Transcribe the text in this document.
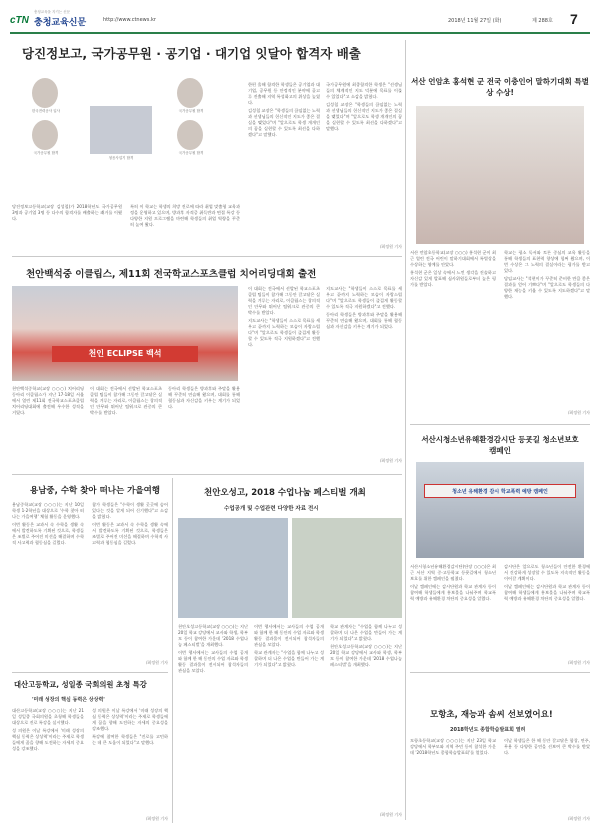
cTN
충청교육을 지키는 신문
충청교육신문	http://www.ctnews.kr	2018년 11월 27일 (화)	제 288호 7
당진정보고, 국가공무원 · 공기업 · 대기업 잇달아 합격자 배출
한국전력공사 입사
국가공무원 합격
청음사업기 합격
국가공무원 합격
국가공무원 합격

당진정보고등학교(교장 김성철)가 2018학년도 국가공무원 3명과 공기업 3명 등 다수의 합격자를 배출하는 쾌거를 이뤘다.

특히 이 학교는 학생의 희망 진로에 따라 취업 맞춤형 교육과정을 운영하고 있으며, 방과후 자격증 취득반과 면접 특강 등 다양한 지원 프로그램을 마련해 학생들의 취업 역량을 꾸준히 높여 왔다.

한편 올해 합격한 학생들은 공기업과 대기업, 공무원 등 안정적인 분야에 골고루 진출해 지역 특성화고의 위상을 높였다.

김성철 교장은 "학생들의 끊임없는 노력과 선생님들의 헌신적인 지도가 좋은 결실을 맺었다"며 "앞으로도 학생 개개인의 꿈을 실현할 수 있도록 최선을 다하겠다"고 말했다.

국가공무원에 최종합격한 학생은 "선생님들의 체계적인 지도 덕분에 목표를 이룰 수 있었다"고 소감을 밝혔다.

김성철 교장은 "학생들의 끊임없는 노력과 선생님들의 헌신적인 지도가 좋은 결실을 맺었다"며 "앞으로도 학생 개개인의 꿈을 실현할 수 있도록 최선을 다하겠다"고 말했다.

/최정원 기자
천안백석중 이클립스, 제11회 전국학교스포츠클럽 치어리딩대회 출전
천인 ECLIPSE 백석

천안백석중학교(교장 ○○○) 치어리딩 동아리 이클립스가 지난 17·18일 서울에서 열린 제11회 전국학교스포츠클럽 치어리딩대회에 출전해 우수한 성적을 거뒀다.

이 대회는 전국에서 선발된 학교스포츠클럽 팀들이 참가해 그동안 갈고닦은 실력을 겨루는 자리로, 이클립스는 창의적인 안무와 뛰어난 팀워크로 관중의 큰 박수를 받았다.

동아리 학생들은 방과후와 주말을 활용해 꾸준히 연습해 왔으며, 대회를 통해 협동심과 자신감을 키우는 계기가 되었다.

이 대회는 전국에서 선발된 학교스포츠클럽 팀들이 참가해 그동안 갈고닦은 실력을 겨루는 자리로, 이클립스는 창의적인 안무와 뛰어난 팀워크로 관중의 큰 박수를 받았다.

지도교사는 "학생들이 스스로 목표를 세우고 끝까지 노력하는 모습이 자랑스럽다"며 "앞으로도 학생들이 즐겁게 활동할 수 있도록 적극 지원하겠다"고 전했다.

지도교사는 "학생들이 스스로 목표를 세우고 끝까지 노력하는 모습이 자랑스럽다"며 "앞으로도 학생들이 즐겁게 활동할 수 있도록 적극 지원하겠다"고 전했다.

동아리 학생들은 방과후와 주말을 활용해 꾸준히 연습해 왔으며, 대회를 통해 협동심과 자신감을 키우는 계기가 되었다.

/최정원 기자
용남중, 수학 찾아 떠나는 가을여행

용남중학교(교장 ○○○)는 지난 10일 학생 1·2학년을 대상으로 '수학 찾아 떠나는 가을여행' 체험 활동을 운영했다.

이번 활동은 교과서 속 수학을 생활 속에서 발견하도록 기획된 것으로, 학생들은 조별로 주어진 미션을 해결하며 수학적 사고력과 협동심을 길렀다.

참가 학생들은 "수학이 생활 곳곳에 숨어 있다는 것을 알게 되어 신기했다"고 소감을 밝혔다.

이번 활동은 교과서 속 수학을 생활 속에서 발견하도록 기획된 것으로, 학생들은 조별로 주어진 미션을 해결하며 수학적 사고력과 협동심을 길렀다.

/최정원 기자
대산고등학교, 성일종 국회의원 초청 특강
'미래 성장의 핵심 동력은 상상력'

대산고등학교(교장 ○○○)는 지난 21일 성일종 국회의원을 초청해 학생들을 대상으로 진로 특강을 실시했다.

성 의원은 이날 특강에서 '미래 성장의 핵심 동력은 상상력'이라는 주제로 학생들에게 꿈을 향해 도전하는 자세의 중요성을 강조했다.

성 의원은 이날 특강에서 '미래 성장의 핵심 동력은 상상력'이라는 주제로 학생들에게 꿈을 향해 도전하는 자세의 중요성을 강조했다.

특강에 참여한 학생들은 "진로를 고민하는 데 큰 도움이 되었다"고 말했다.

/최정원 기자
천안오성고, 2018 수업나눔 페스티벌 개최
수업공개 및 수업관련 다양한 자료 전시

천안오성고등학교(교장 ○○○)는 지난 20일 학교 강당에서 교사와 학생, 학부모 등이 참여한 가운데 '2018 수업나눔 페스티벌'을 개최했다.

이번 행사에서는 교사들의 수업 공개와 함께 한 해 동안의 수업 자료와 학생 활동 결과물이 전시되어 참석자들의 관심을 모았다.

이번 행사에서는 교사들의 수업 공개와 함께 한 해 동안의 수업 자료와 학생 활동 결과물이 전시되어 참석자들의 관심을 모았다.

학교 관계자는 "수업을 함께 나누고 성찰하며 더 나은 수업을 만들어 가는 계기가 되었다"고 밝혔다.

학교 관계자는 "수업을 함께 나누고 성찰하며 더 나은 수업을 만들어 가는 계기가 되었다"고 밝혔다.

천안오성고등학교(교장 ○○○)는 지난 20일 학교 강당에서 교사와 학생, 학부모 등이 참여한 가운데 '2018 수업나눔 페스티벌'을 개최했다.

/최정원 기자
서산 언암초 홍석현 군 전국 이충인어 말하기대회 특별상 수상!

서산 언암초등학교(교장 ○○○) 홍석현 군이 최근 열린 전국 어린이 말하기대회에서 특별상을 수상하는 영예를 안았다.

홍석현 군은 일상 속에서 느낀 생각을 진솔하고 자신감 있게 발표해 심사위원들로부터 높은 평가를 받았다.

학교는 평소 독서와 토론 중심의 교육 활동을 통해 학생들의 표현력 향상에 힘써 왔으며, 이번 수상은 그 노력의 결실이라는 평가를 받고 있다.

담임교사는 "석현이가 꾸준히 준비한 만큼 좋은 결과를 얻어 기쁘다"며 "앞으로도 학생들의 다양한 재능을 키울 수 있도록 지도하겠다"고 말했다.

/최정원 기자
서산시청소년유해환경감시단 등굣길 청소년보호 캠페인
청소년 유해환경 감시 학교폭력 예방 캠페인

서산시청소년유해환경감시단(단장 ○○○)은 최근 서산 지역 중·고등학교 등굣길에서 청소년 보호를 위한 캠페인을 펼쳤다.

이날 캠페인에는 감시단원과 학교 관계자 등이 참여해 학생들에게 홍보물을 나눠주며 학교폭력 예방과 유해환경 차단의 중요성을 알렸다.

감시단은 앞으로도 청소년들이 안전한 환경에서 건강하게 성장할 수 있도록 지속적인 활동을 이어갈 계획이다.

이날 캠페인에는 감시단원과 학교 관계자 등이 참여해 학생들에게 홍보물을 나눠주며 학교폭력 예방과 유해환경 차단의 중요성을 알렸다.

/최정원 기자
모항초, 재능과 솜씨 선보였어요!
2018학년도 종합학습발표회 열려

모항초등학교(교장 ○○○)는 지난 23일 학교 강당에서 학부모와 지역 주민 등이 참석한 가운데 '2018학년도 종합학습발표회'를 열었다.

이날 학생들은 한 해 동안 갈고닦은 합창, 연주, 무용 등 다양한 공연을 선보여 큰 박수를 받았다.

/최정원 기자
